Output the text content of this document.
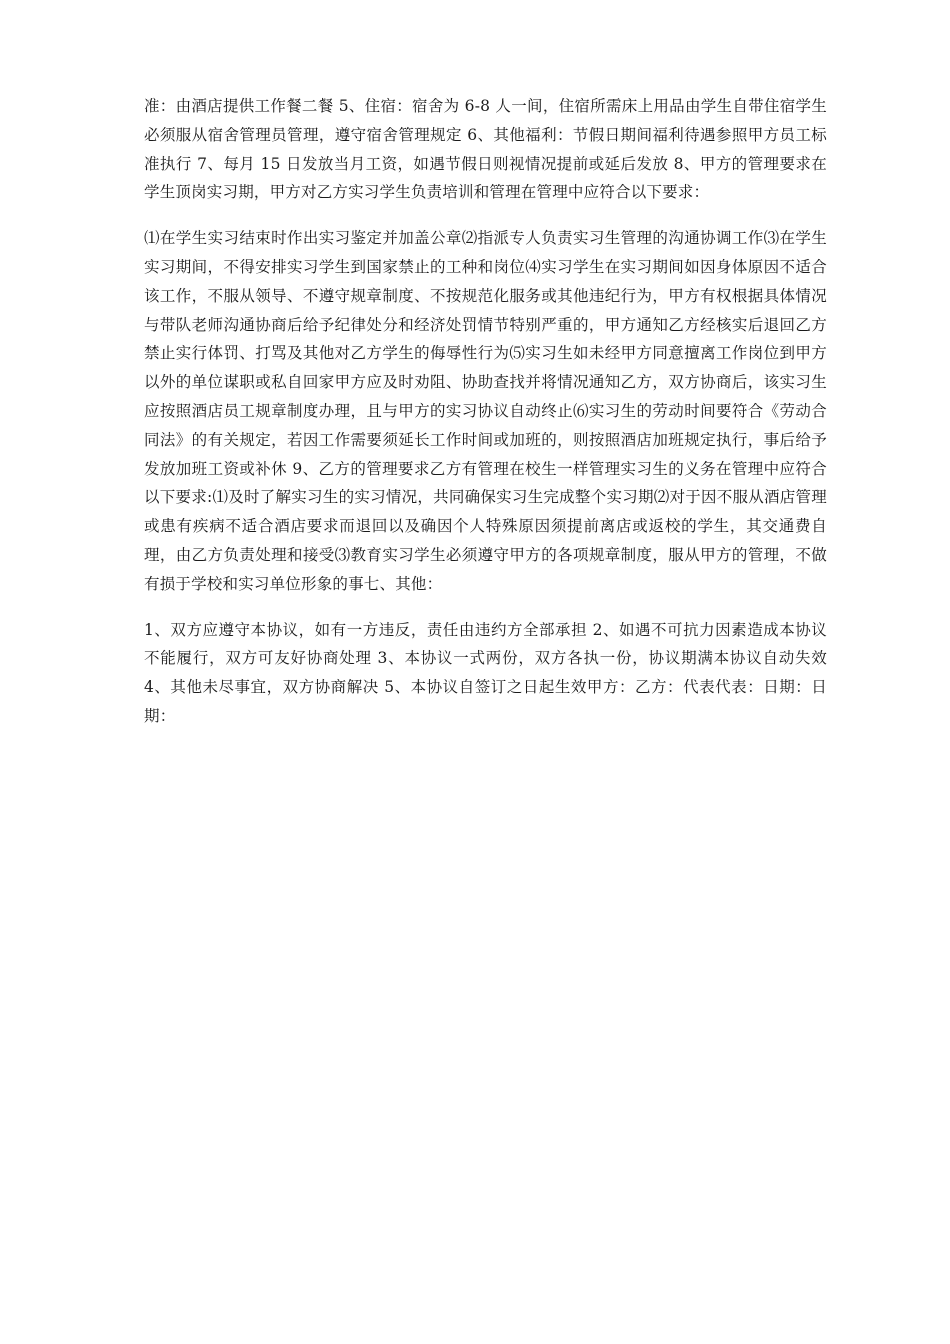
准：由酒店提供工作餐二餐 5、住宿：宿舍为 6-8 人一间，住宿所需床上用品由学生自带住宿学生必须服从宿舍管理员管理，遵守宿舍管理规定 6、其他福利：节假日期间福利待遇参照甲方员工标准执行 7、每月 15 日发放当月工资，如遇节假日则视情况提前或延后发放 8、甲方的管理要求在学生顶岗实习期，甲方对乙方实习学生负责培训和管理在管理中应符合以下要求：

⑴在学生实习结束时作出实习鉴定并加盖公章⑵指派专人负责实习生管理的沟通协调工作⑶在学生实习期间，不得安排实习学生到国家禁止的工种和岗位⑷实习学生在实习期间如因身体原因不适合该工作，不服从领导、不遵守规章制度、不按规范化服务或其他违纪行为，甲方有权根据具体情况与带队老师沟通协商后给予纪律处分和经济处罚情节特别严重的，甲方通知乙方经核实后退回乙方禁止实行体罚、打骂及其他对乙方学生的侮辱性行为⑸实习生如未经甲方同意擅离工作岗位到甲方以外的单位谋职或私自回家甲方应及时劝阻、协助查找并将情况通知乙方，双方协商后，该实习生应按照酒店员工规章制度办理，且与甲方的实习协议自动终止⑹实习生的劳动时间要符合《劳动合同法》的有关规定，若因工作需要须延长工作时间或加班的，则按照酒店加班规定执行，事后给予发放加班工资或补休 9、乙方的管理要求乙方有管理在校生一样管理实习生的义务在管理中应符合以下要求:⑴及时了解实习生的实习情况，共同确保实习生完成整个实习期⑵对于因不服从酒店管理或患有疾病不适合酒店要求而退回以及确因个人特殊原因须提前离店或返校的学生，其交通费自理，由乙方负责处理和接受⑶教育实习学生必须遵守甲方的各项规章制度，服从甲方的管理，不做有损于学校和实习单位形象的事七、其他：

1、双方应遵守本协议，如有一方违反，责任由违约方全部承担 2、如遇不可抗力因素造成本协议不能履行，双方可友好协商处理 3、本协议一式两份，双方各执一份，协议期满本协议自动失效 4、其他未尽事宜，双方协商解决 5、本协议自签订之日起生效甲方：乙方：代表代表：日期：日期：
